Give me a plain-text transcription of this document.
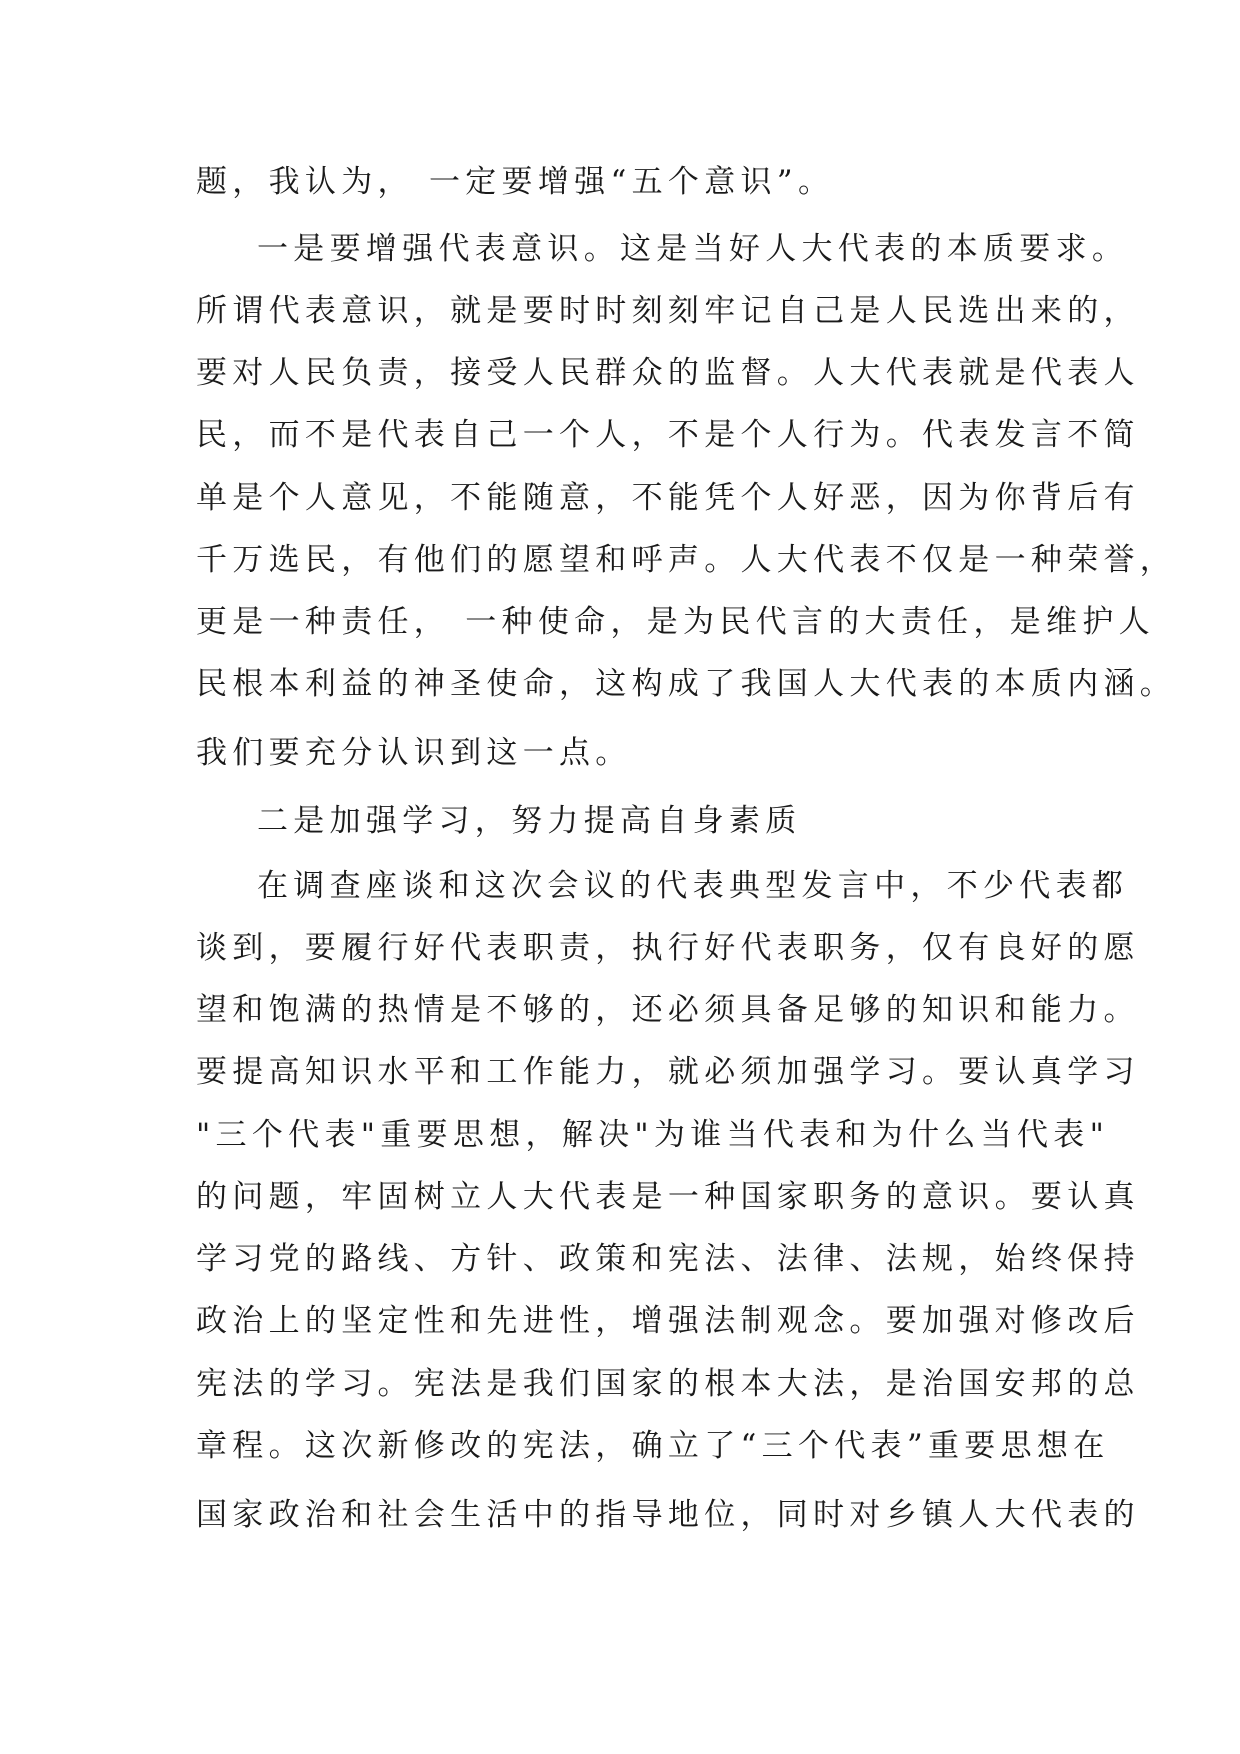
题，我认为， 一定要增强“五个意识”。
一是要增强代表意识。这是当好人大代表的本质要求。
所谓代表意识，就是要时时刻刻牢记自己是人民选出来的，
要对人民负责，接受人民群众的监督。人大代表就是代表人
民，而不是代表自己一个人，不是个人行为。代表发言不简
单是个人意见，不能随意，不能凭个人好恶，因为你背后有
千万选民，有他们的愿望和呼声。人大代表不仅是一种荣誉，
更是一种责任， 一种使命，是为民代言的大责任，是维护人
民根本利益的神圣使命，这构成了我国人大代表的本质内涵。
我们要充分认识到这一点。
二是加强学习，努力提高自身素质
在调查座谈和这次会议的代表典型发言中，不少代表都
谈到，要履行好代表职责，执行好代表职务，仅有良好的愿
望和饱满的热情是不够的，还必须具备足够的知识和能力。
要提高知识水平和工作能力，就必须加强学习。要认真学习
"三个代表"重要思想，解决"为谁当代表和为什么当代表"
的问题，牢固树立人大代表是一种国家职务的意识。要认真
学习党的路线、方针、政策和宪法、法律、法规，始终保持
政治上的坚定性和先进性，增强法制观念。要加强对修改后
宪法的学习。宪法是我们国家的根本大法，是治国安邦的总
章程。这次新修改的宪法，确立了“三个代表”重要思想在
国家政治和社会生活中的指导地位，同时对乡镇人大代表的
